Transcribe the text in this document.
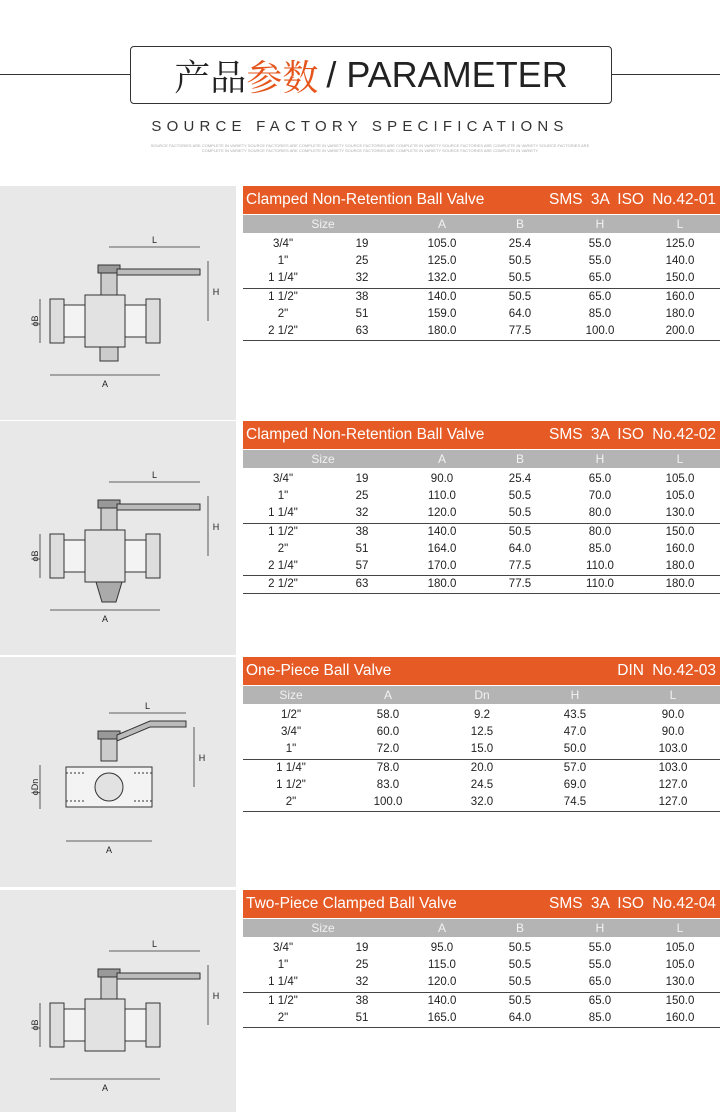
产品 参数 / PARAMETER
SOURCE FACTORY SPECIFICATIONS
SOURCE FACTORIES ARE COMPLETE IN VARIETY SOURCE FACTORIES ARE COMPLETE IN VARIETY SOURCE FACTORIES ARE COMPLETE IN VARIETY SOURCE FACTORIES ARE COMPLETE IN VARIETY SOURCE FACTORIES ARE COMPLETE IN VARIETY SOURCE FACTORIES ARE COMPLETE IN VARIETY SOURCE FACTORIES ARE COMPLETE IN VARIETY SOURCE FACTORIES ARE COMPLETE IN VARIETY
A
L
H
ϕB
Clamped Non-Retention Ball Valve	SMS 3A ISO No.42-01
Size	A	B	H	L
3/4"	19	105.0	25.4	55.0	125.0
1"	25	125.0	50.5	55.0	140.0
1 1/4"	32	132.0	50.5	65.0	150.0
1 1/2"	38	140.0	50.5	65.0	160.0
2"	51	159.0	64.0	85.0	180.0
2 1/2"	63	180.0	77.5	100.0	200.0
A
L
H
ϕB
Clamped Non-Retention Ball Valve	SMS 3A ISO No.42-02
Size	A	B	H	L
3/4"	19	90.0	25.4	65.0	105.0
1"	25	110.0	50.5	70.0	105.0
1 1/4"	32	120.0	50.5	80.0	130.0
1 1/2"	38	140.0	50.5	80.0	150.0
2"	51	164.0	64.0	85.0	160.0
2 1/4"	57	170.0	77.5	110.0	180.0
2 1/2"	63	180.0	77.5	110.0	180.0
A
L
H
ϕDn
One-Piece Ball Valve	DIN No.42-03
Size	A	Dn	H	L
1/2"	58.0	9.2	43.5	90.0
3/4"	60.0	12.5	47.0	90.0
1"	72.0	15.0	50.0	103.0
1 1/4"	78.0	20.0	57.0	103.0
1 1/2"	83.0	24.5	69.0	127.0
2"	100.0	32.0	74.5	127.0
A
L
H
ϕB
Two-Piece Clamped Ball Valve	SMS 3A ISO No.42-04
Size	A	B	H	L
3/4"	19	95.0	50.5	55.0	105.0
1"	25	115.0	50.5	55.0	105.0
1 1/4"	32	120.0	50.5	65.0	130.0
1 1/2"	38	140.0	50.5	65.0	150.0
2"	51	165.0	64.0	85.0	160.0
